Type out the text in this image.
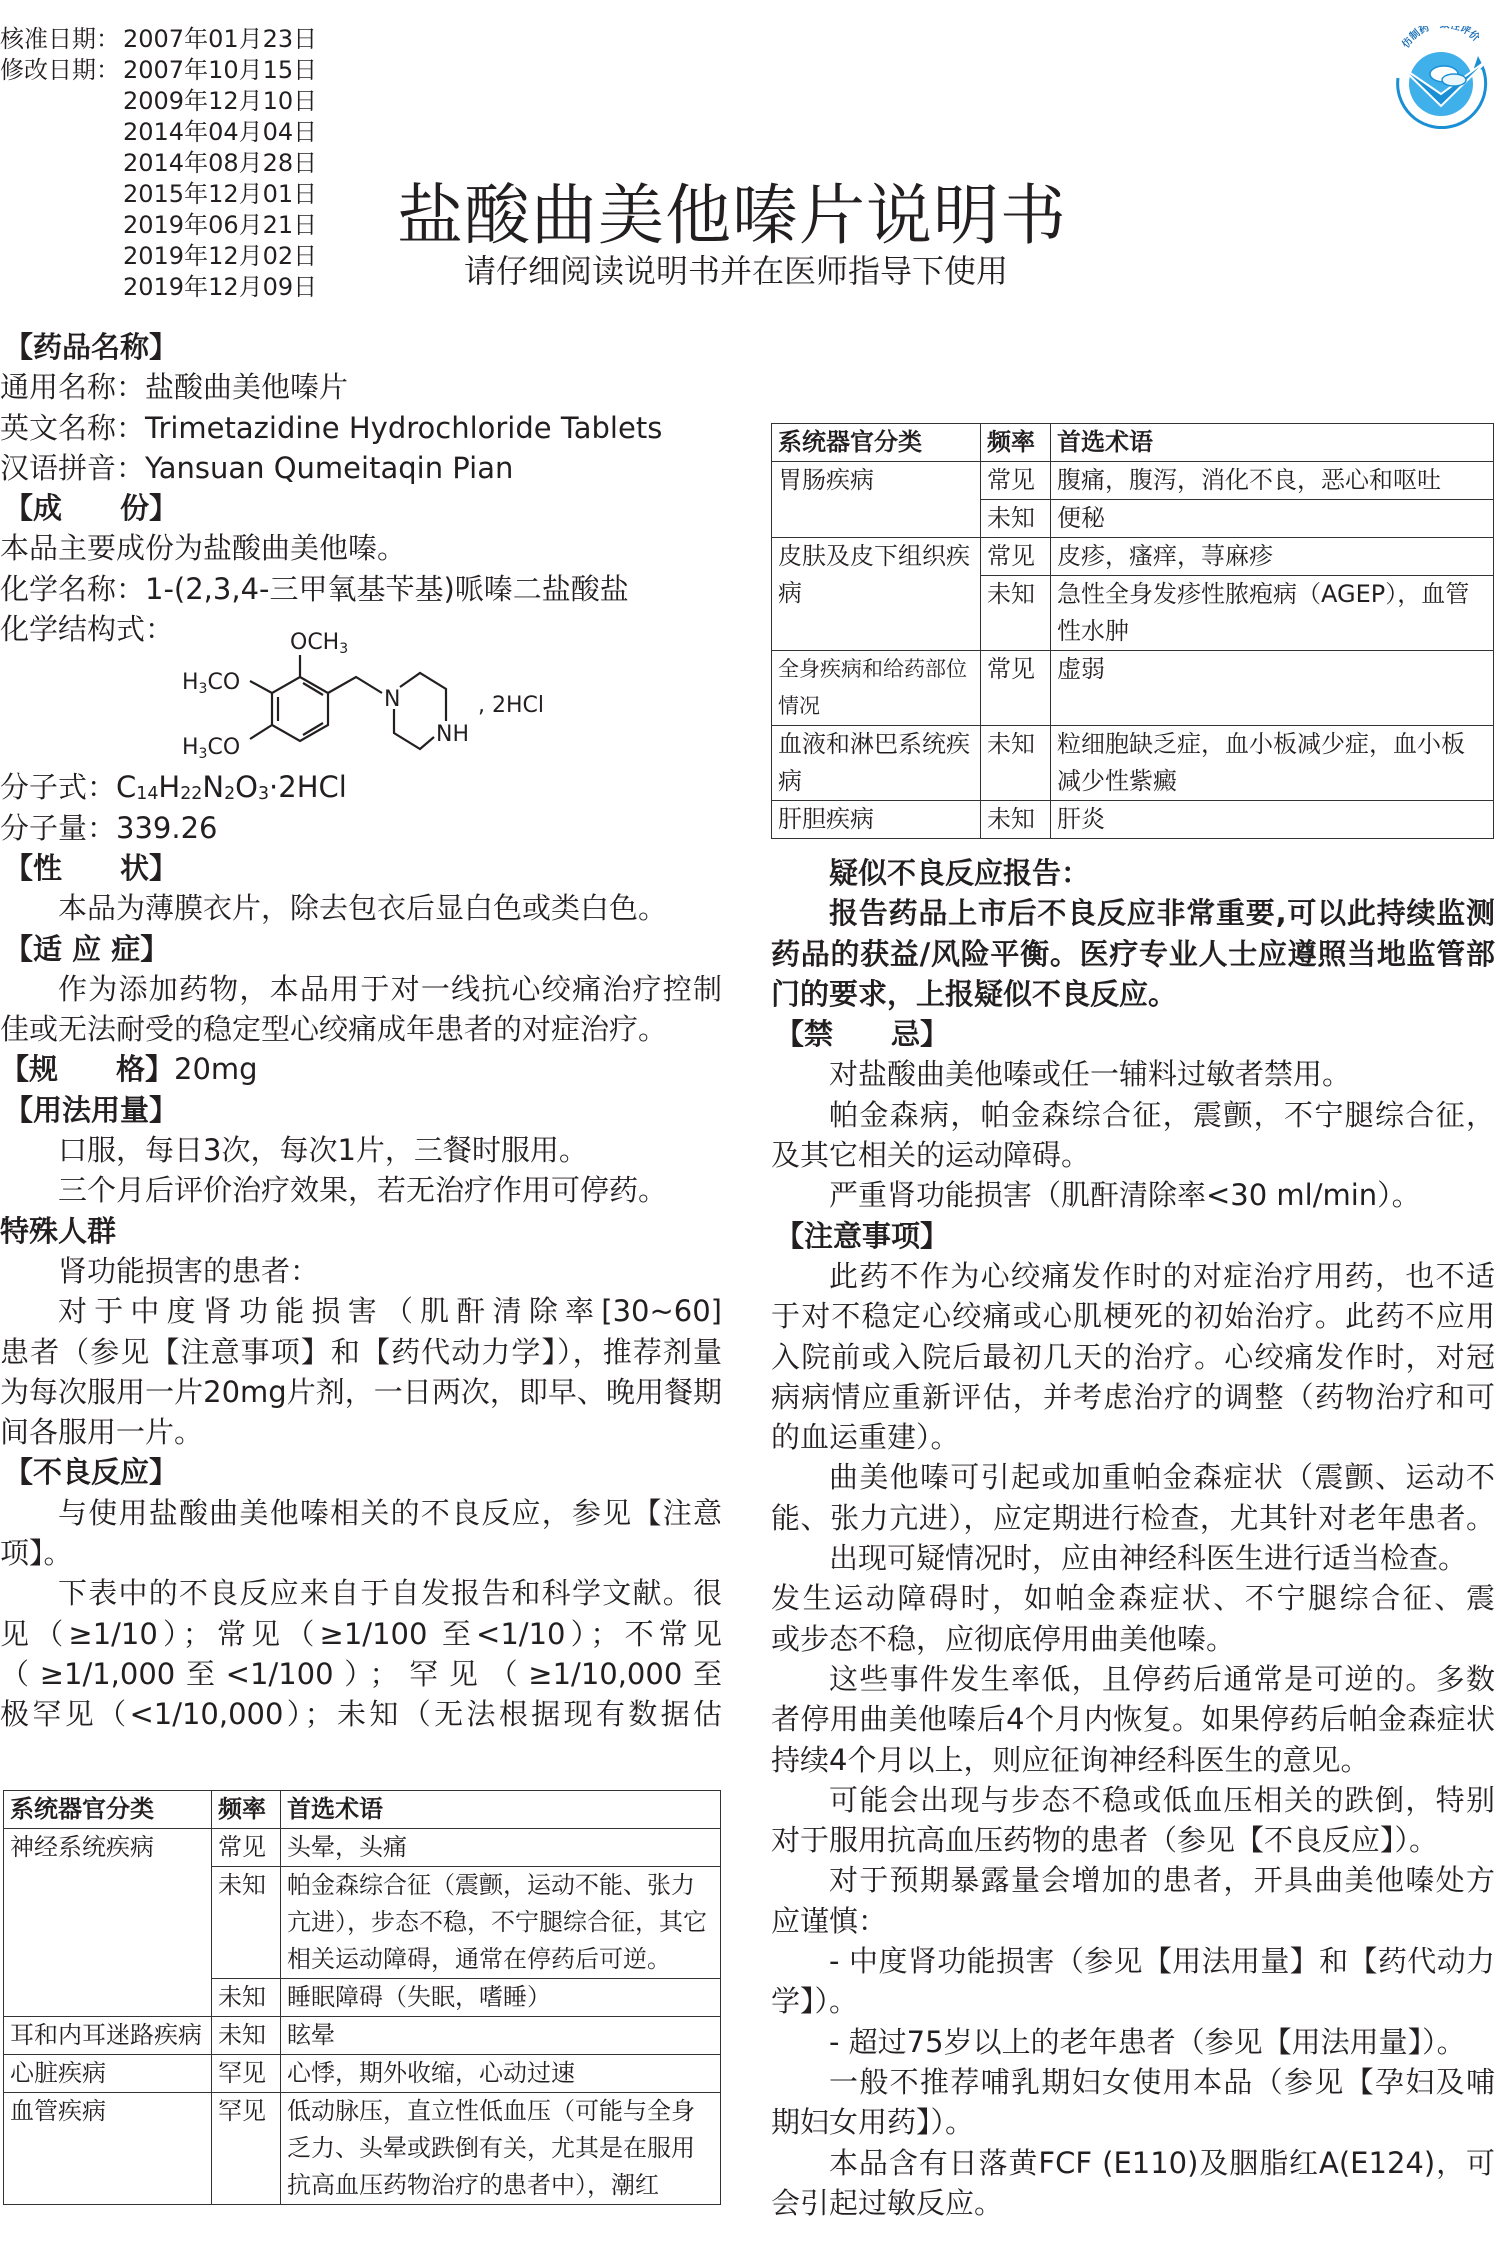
核准日期： 2007年01月23日
修改日期： 2007年10月15日
2009年12月10日
2014年04月04日
2014年08月28日
2015年12月01日
2019年06月21日
2019年12月02日
2019年12月09日
仿制药 性评价
盐酸曲美他嗪片说明书
请仔细阅读说明书并在医师指导下使用
【药品名称】
通用名称：盐酸曲美他嗪片
英文名称：Trimetazidine Hydrochloride Tablets
汉语拼音：Yansuan Qumeitaqin Pian
【成　　份】
本品主要成份为盐酸曲美他嗪。
化学名称：1-(2,3,4-三甲氧基苄基)哌嗪二盐酸盐
化学结构式：	OCH3
H3CO
H3CO
N
NH
, 2HCl
分子式：$C_{14}H_{22}N_2O_3\cdot 2HCl$
分子量：339.26
【性　　状】
本品为薄膜衣片，除去包衣后显白色或类白色。
【适 应 症】
作为添加药物，本品用于对一线抗心绞痛治疗控制
佳或无法耐受的稳定型心绞痛成年患者的对症治疗。
【规　　格】20mg
【用法用量】
口服，每日3次，每次1片，三餐时服用。
三个月后评价治疗效果，若无治疗作用可停药。
特殊人群
肾功能损害的患者：
对于中度肾功能损害（肌酐清除率[30~60]
患者（参见【注意事项】和【药代动力学】），推荐剂量
为每次服用一片20mg片剂，一日两次，即早、晚用餐期
间各服用一片。
【不良反应】
与使用盐酸曲美他嗪相关的不良反应，参见【注意
项】。
下表中的不良反应来自于自发报告和科学文献。很
见（≥1/10）；常见（≥1/100 至<1/10）；不常见
（≥1/1,000至<1/100）；罕见（≥1/10,000至
极罕见（<1/10,000）；未知（无法根据现有数据估
系统器官分类	频率	首选术语
神经系统疾病	常见	头晕，头痛
	未知	帕金森综合征（震颤，运动不能、张力亢进），步态不稳，不宁腿综合征，其它相关运动障碍，通常在停药后可逆。
	未知	睡眠障碍（失眠，嗜睡）
耳和内耳迷路疾病	未知	眩晕
心脏疾病	罕见	心悸，期外收缩，心动过速
血管疾病	罕见	低动脉压，直立性低血压（可能与全身乏力、头晕或跌倒有关，尤其是在服用抗高血压药物治疗的患者中），潮红
系统器官分类	频率	首选术语
胃肠疾病	常见	腹痛，腹泻，消化不良，恶心和呕吐
	未知	便秘
皮肤及皮下组织疾病	常见	皮疹，瘙痒，荨麻疹
	未知	急性全身发疹性脓疱病（AGEP），血管性水肿
全身疾病和给药部位情况	常见	虚弱
血液和淋巴系统疾病	未知	粒细胞缺乏症，血小板减少症，血小板减少性紫癜
肝胆疾病	未知	肝炎
疑似不良反应报告：
报告药品上市后不良反应非常重要,可以此持续监测
药品的获益/风险平衡。医疗专业人士应遵照当地监管部
门的要求，上报疑似不良反应。
【禁　　忌】
对盐酸曲美他嗪或任一辅料过敏者禁用。
帕金森病，帕金森综合征，震颤，不宁腿综合征，
及其它相关的运动障碍。
严重肾功能损害（肌酐清除率<30 ml/min）。
【注意事项】
此药不作为心绞痛发作时的对症治疗用药，也不适
于对不稳定心绞痛或心肌梗死的初始治疗。此药不应用
入院前或入院后最初几天的治疗。心绞痛发作时，对冠
病病情应重新评估，并考虑治疗的调整（药物治疗和可
的血运重建）。
曲美他嗪可引起或加重帕金森症状（震颤、运动不
能、张力亢进），应定期进行检查，尤其针对老年患者。
出现可疑情况时，应由神经科医生进行适当检查。
发生运动障碍时，如帕金森症状、不宁腿综合征、震
或步态不稳，应彻底停用曲美他嗪。
这些事件发生率低，且停药后通常是可逆的。多数
者停用曲美他嗪后4个月内恢复。如果停药后帕金森症状
持续4个月以上，则应征询神经科医生的意见。
可能会出现与步态不稳或低血压相关的跌倒，特别
对于服用抗高血压药物的患者（参见【不良反应】）。
对于预期暴露量会增加的患者，开具曲美他嗪处方
应谨慎：
- 中度肾功能损害（参见【用法用量】和【药代动力
学】）。
- 超过75岁以上的老年患者（参见【用法用量】）。
一般不推荐哺乳期妇女使用本品（参见【孕妇及哺
期妇女用药】）。
本品含有日落黄FCF (E110)及胭脂红A(E124)，可
会引起过敏反应。
